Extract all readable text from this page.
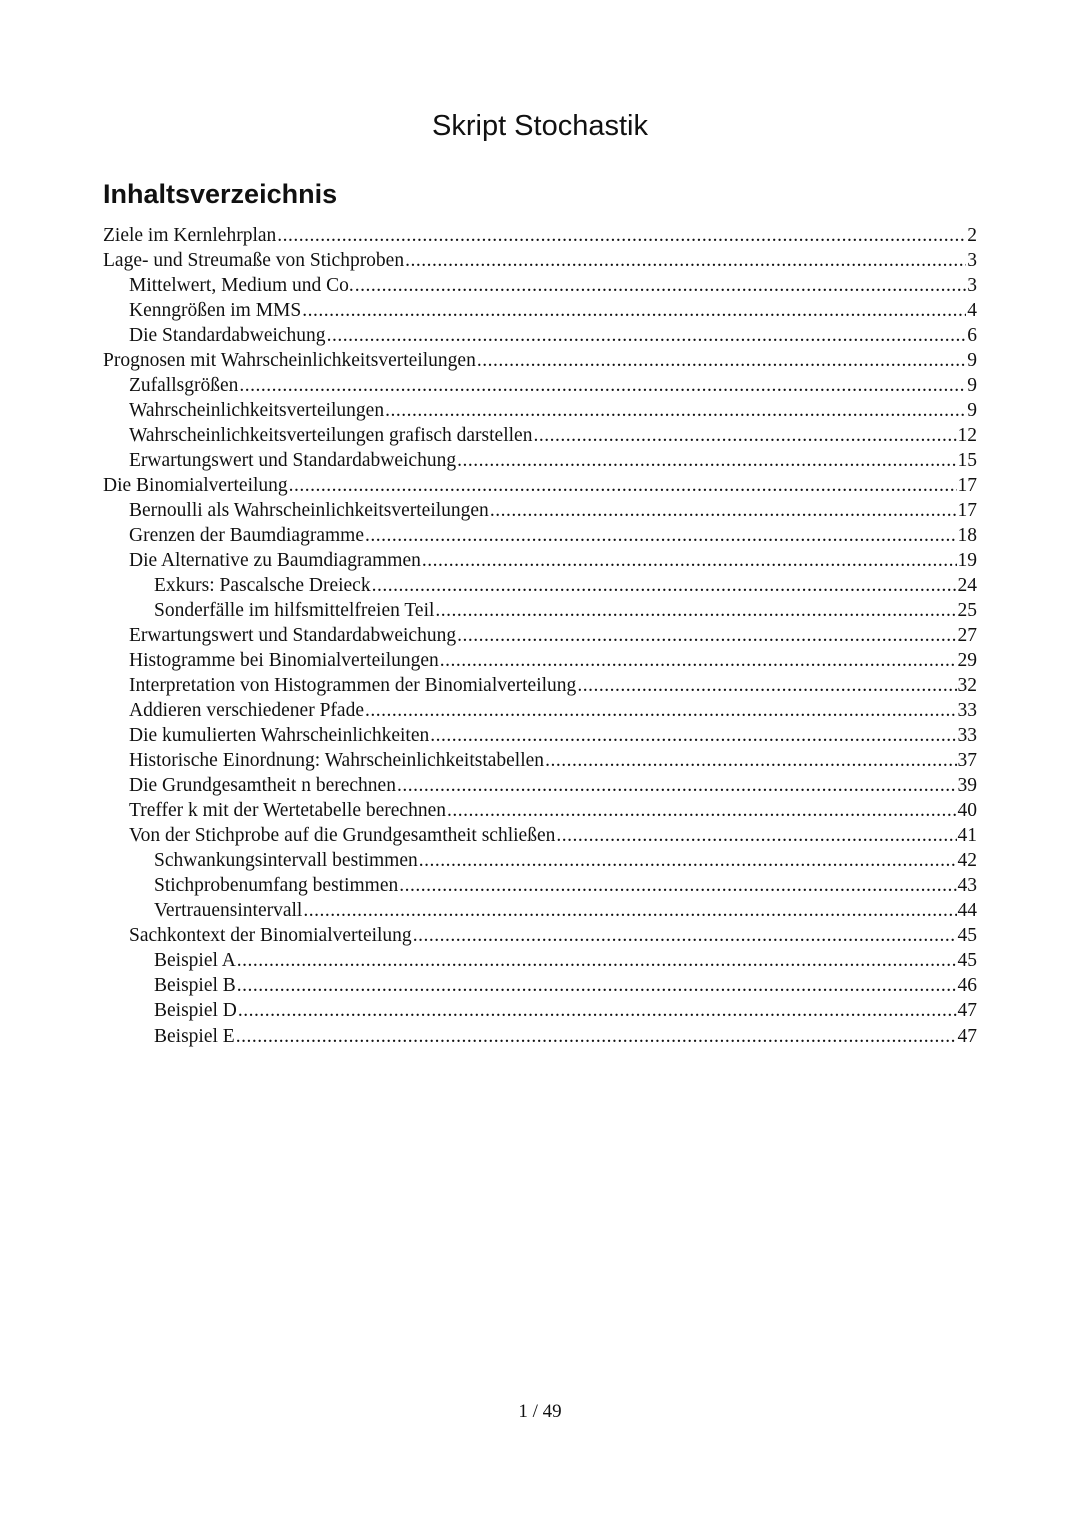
Skript Stochastik
Inhaltsverzeichnis
Ziele im Kernlehrplan .....	2
Lage- und Streumaße von Stichproben .....	3
Mittelwert, Medium und Co. .....	3
Kenngrößen im MMS .....	4
Die Standardabweichung .....	6
Prognosen mit Wahrscheinlichkeitsverteilungen .....	9
Zufallsgrößen .....	9
Wahrscheinlichkeitsverteilungen .....	9
Wahrscheinlichkeitsverteilungen grafisch darstellen .....	12
Erwartungswert und Standardabweichung .....	15
Die Binomialverteilung .....	17
Bernoulli als Wahrscheinlichkeitsverteilungen .....	17
Grenzen der Baumdiagramme .....	18
Die Alternative zu Baumdiagrammen .....	19
Exkurs: Pascalsche Dreieck .....	24
Sonderfälle im hilfsmittelfreien Teil .....	25
Erwartungswert und Standardabweichung .....	27
Histogramme bei Binomialverteilungen .....	29
Interpretation von Histogrammen der Binomialverteilung .....	32
Addieren verschiedener Pfade .....	33
Die kumulierten Wahrscheinlichkeiten .....	33
Historische Einordnung: Wahrscheinlichkeitstabellen .....	37
Die Grundgesamtheit n berechnen .....	39
Treffer k mit der Wertetabelle berechnen .....	40
Von der Stichprobe auf die Grundgesamtheit schließen .....	41
Schwankungsintervall bestimmen .....	42
Stichprobenumfang bestimmen .....	43
Vertrauensintervall .....	44
Sachkontext der Binomialverteilung .....	45
Beispiel A .....	45
Beispiel B .....	46
Beispiel D .....	47
Beispiel E .....	47
1 / 49
